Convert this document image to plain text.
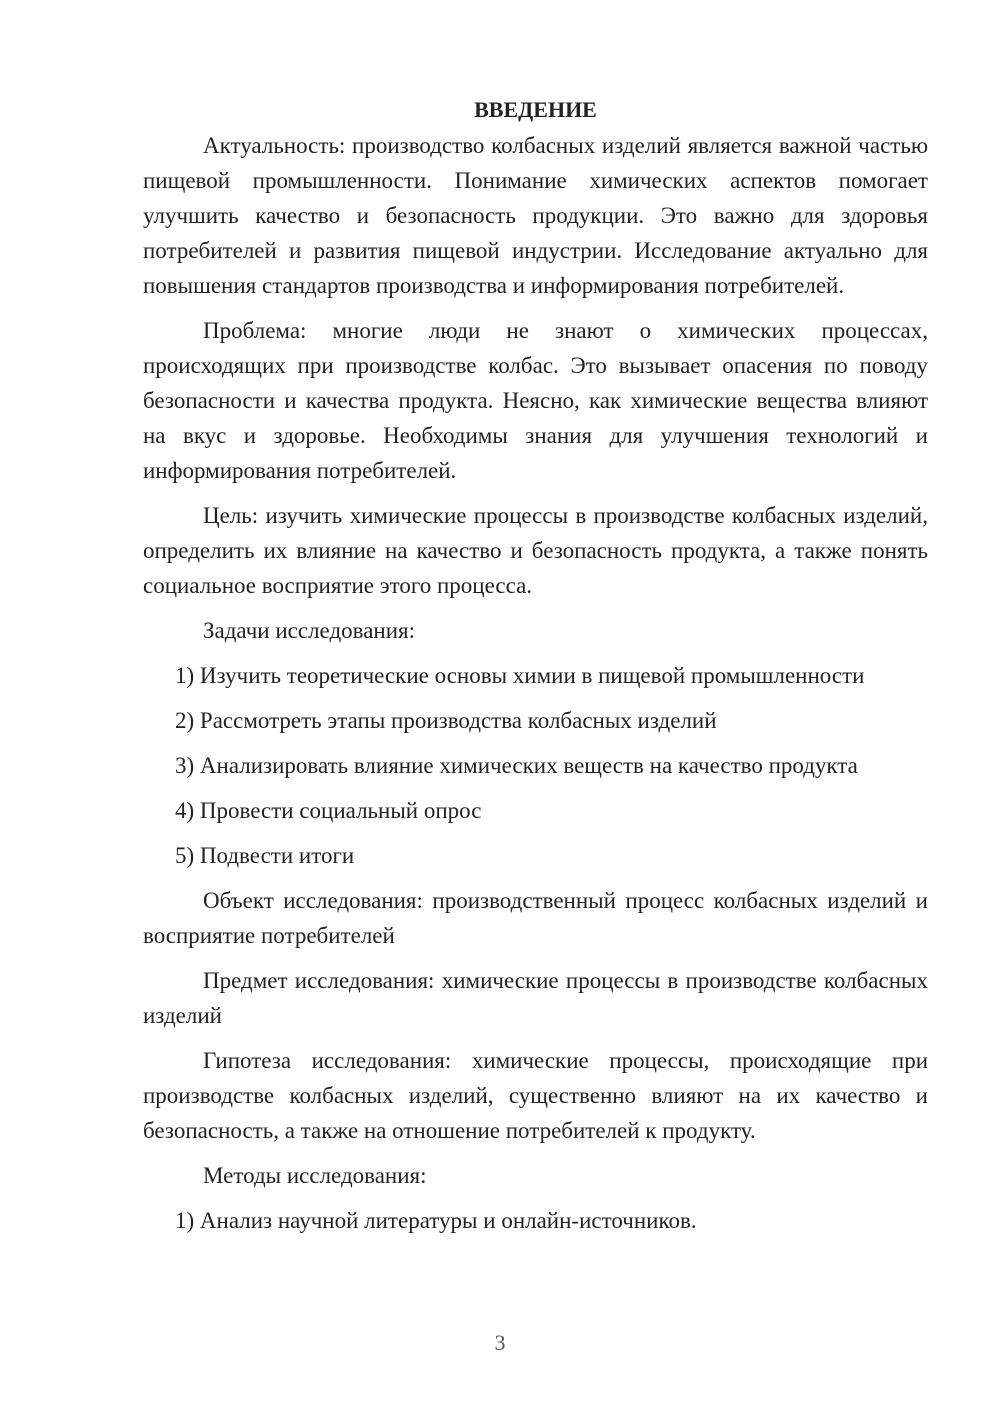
ВВЕДЕНИЕ

Актуальность: производство колбасных изделий является важной частью пищевой промышленности. Понимание химических аспектов помогает улучшить качество и безопасность продукции. Это важно для здоровья потребителей и развития пищевой индустрии. Исследование актуально для повышения стандартов производства и информирования потребителей.

Проблема: многие люди не знают о химических процессах, происходящих при производстве колбас. Это вызывает опасения по поводу безопасности и качества продукта. Неясно, как химические вещества влияют на вкус и здоровье. Необходимы знания для улучшения технологий и информирования потребителей.

Цель: изучить химические процессы в производстве колбасных изделий, определить их влияние на качество и безопасность продукта, а также понять социальное восприятие этого процесса.

Задачи исследования:

1) Изучить теоретические основы химии в пищевой промышленности

2) Рассмотреть этапы производства колбасных изделий

3) Анализировать влияние химических веществ на качество продукта

4) Провести социальный опрос

5) Подвести итоги

Объект исследования: производственный процесс колбасных изделий и восприятие потребителей

Предмет исследования: химические процессы в производстве колбасных изделий

Гипотеза исследования: химические процессы, происходящие при производстве колбасных изделий, существенно влияют на их качество и безопасность, а также на отношение потребителей к продукту.

Методы исследования:

1) Анализ научной литературы и онлайн-источников.

3
